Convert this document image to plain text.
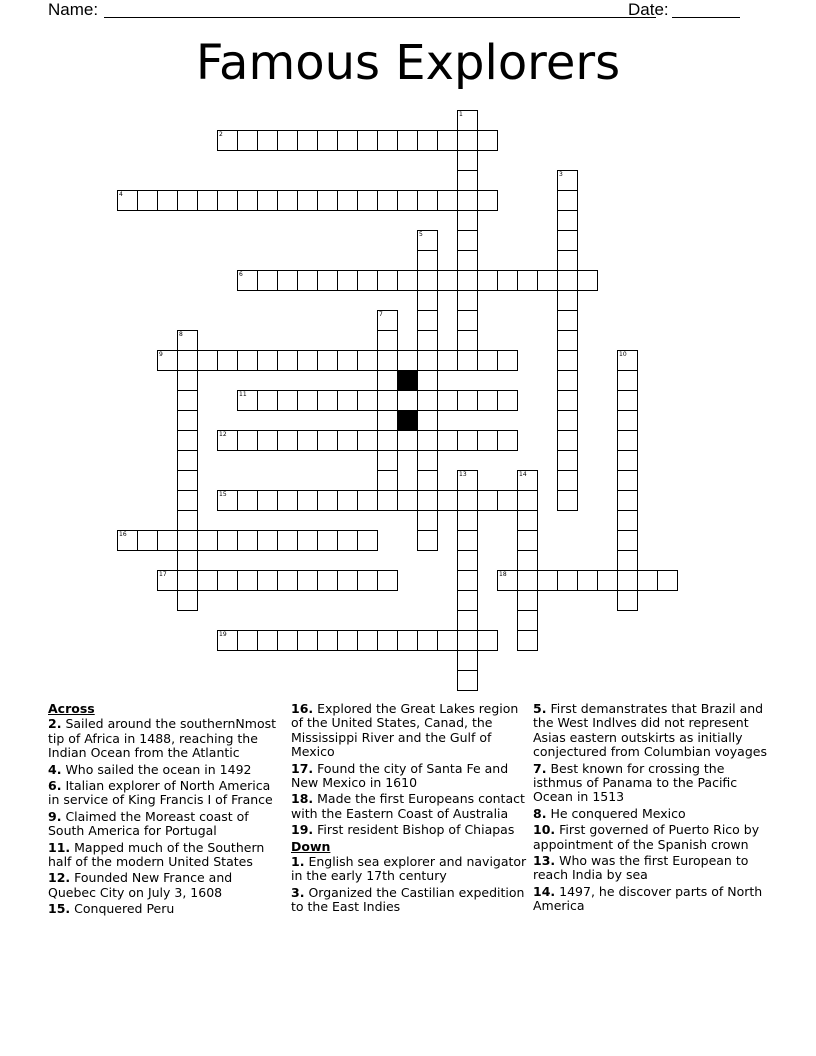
Name:	Date:
Famous Explorers
1
2
3
4
5
6
7
8
9	10
11
12
13	14
15
16
17	18
19
Across
2. Sailed around the southernNmost tip of Africa in 1488, reaching the Indian Ocean from the Atlantic
4. Who sailed the ocean in 1492
6. Italian explorer of North America in service of King Francis I of France
9. Claimed the Moreast coast of South America for Portugal
11. Mapped much of the Southern half of the modern United States
12. Founded New France and Quebec City on July 3, 1608
15. Conquered Peru
16. Explored the Great Lakes region of the United States, Canad, the Mississippi River and the Gulf of Mexico
17. Found the city of Santa Fe and New Mexico in 1610
18. Made the first Europeans contact with the Eastern Coast of Australia
19. First resident Bishop of Chiapas
Down
1. English sea explorer and navigator in the early 17th century
3. Organized the Castilian expedition to the East Indies
5. First demanstrates that Brazil and the West Indlves did not represent Asias eastern outskirts as initially conjectured from Columbian voyages
7. Best known for crossing the isthmus of Panama to the Pacific Ocean in 1513
8. He conquered Mexico
10. First governed of Puerto Rico by appointment of the Spanish crown
13. Who was the first European to reach India by sea
14. 1497, he discover parts of North America
